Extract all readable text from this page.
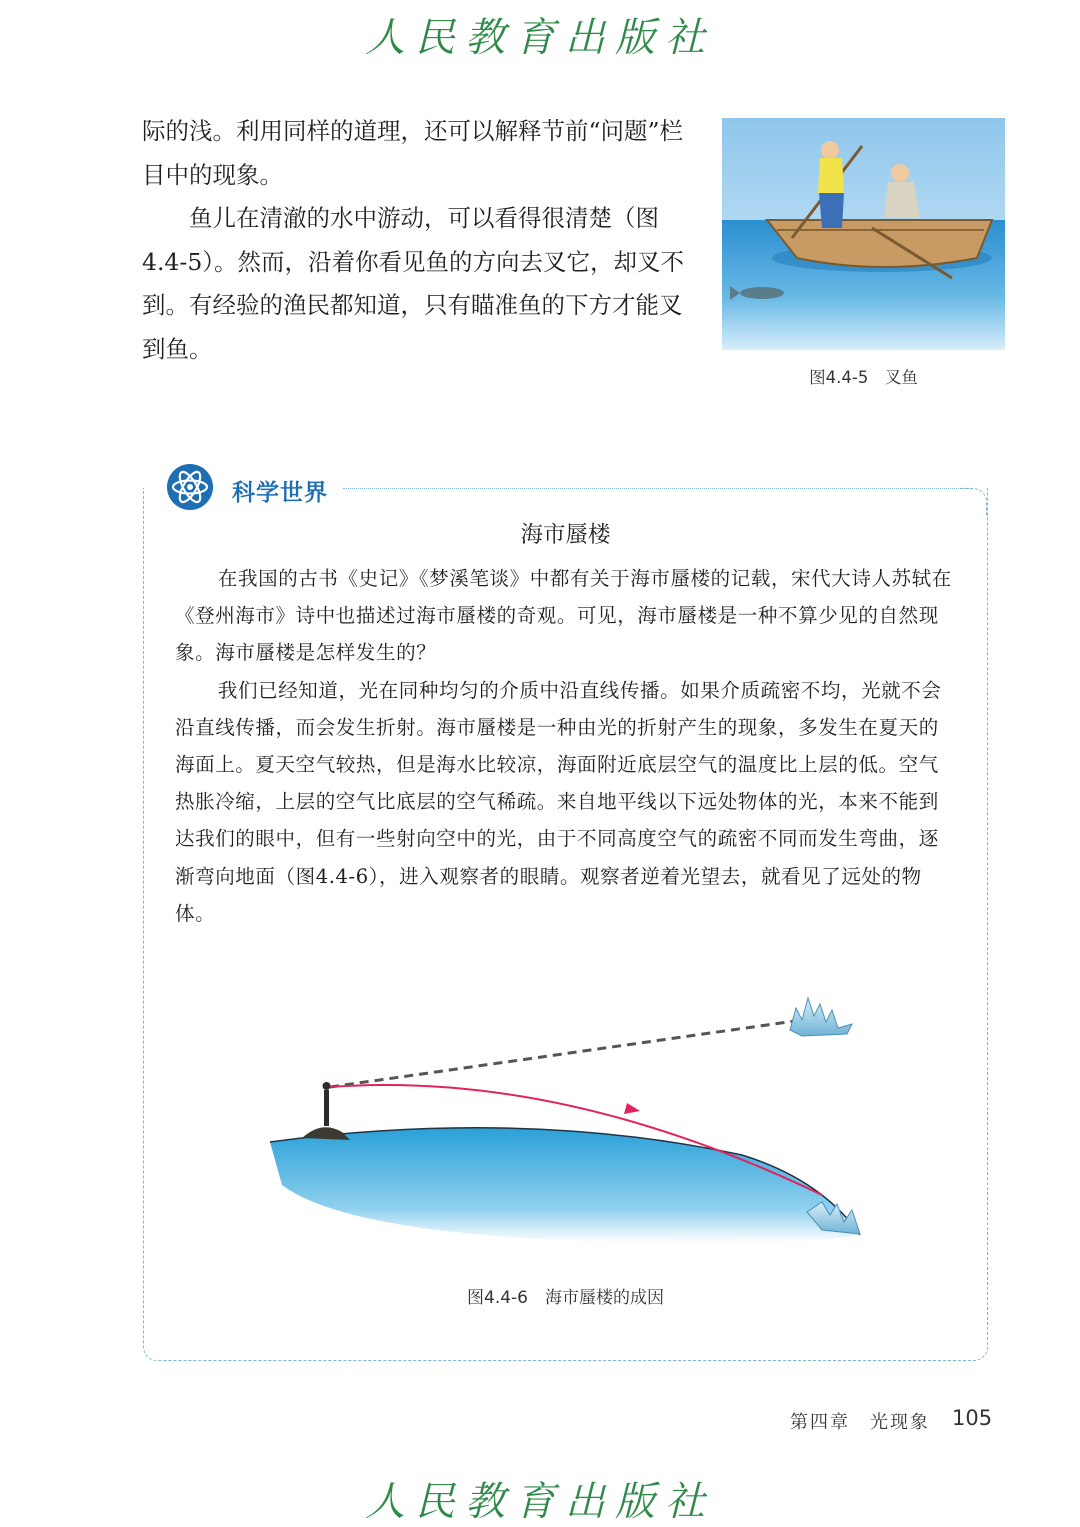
人民教育出版社

际的浅。利用同样的道理，还可以解释节前“问题”栏目中的现象。

鱼儿在清澈的水中游动，可以看得很清楚（图4.4-5）。然而，沿着你看见鱼的方向去叉它，却叉不到。有经验的渔民都知道，只有瞄准鱼的下方才能叉到鱼。

图4.4-5　叉鱼
科学世界
海市蜃楼

在我国的古书《史记》《梦溪笔谈》中都有关于海市蜃楼的记载，宋代大诗人苏轼在《登州海市》诗中也描述过海市蜃楼的奇观。可见，海市蜃楼是一种不算少见的自然现象。海市蜃楼是怎样发生的？

我们已经知道，光在同种均匀的介质中沿直线传播。如果介质疏密不均，光就不会沿直线传播，而会发生折射。海市蜃楼是一种由光的折射产生的现象，多发生在夏天的海面上。夏天空气较热，但是海水比较凉，海面附近底层空气的温度比上层的低。空气热胀冷缩，上层的空气比底层的空气稀疏。来自地平线以下远处物体的光，本来不能到达我们的眼中，但有一些射向空中的光，由于不同高度空气的疏密不同而发生弯曲，逐渐弯向地面（图4.4-6），进入观察者的眼睛。观察者逆着光望去，就看见了远处的物体。

图4.4-6　海市蜃楼的成因
第四章　光现象 105
人民教育出版社
